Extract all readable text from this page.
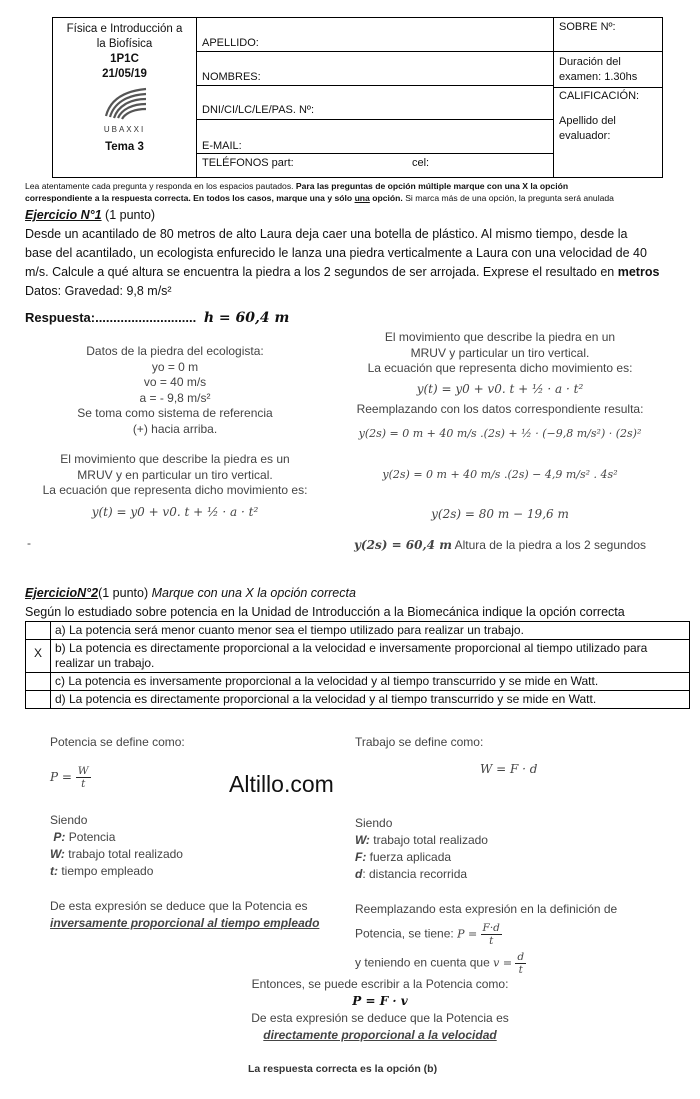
Física e Introducción a
la Biofísica
1P1C
21/05/19
UBAXXI
Tema 3
APELLIDO:
NOMBRES:
DNI/CI/LC/LE/PAS. Nº:
E-MAIL:
TELÉFONOS part:	cel:
SOBRE Nº:
Duración del
examen: 1.30hs
CALIFICACIÓN:
Apellido del
evaluador:
Lea atentamente cada pregunta y responda en los espacios pautados. Para las preguntas de opción múltiple marque con una X la opción
correspondiente a la respuesta correcta. En todos los casos, marque una y sólo una opción. Si marca más de una opción, la pregunta será anulada
Ejercicio N°1 (1 punto)
Desde un acantilado de 80 metros de alto Laura deja caer una botella de plástico. Al mismo tiempo, desde la
base del acantilado, un ecologista enfurecido le lanza una piedra verticalmente a Laura con una velocidad de 40
m/s. Calcule a qué altura se encuentra la piedra a los 2 segundos de ser arrojada. Exprese el resultado en metros
Datos: Gravedad: 9,8 m/s²
Respuesta:............................ h = 60,4 m
Datos de la piedra del ecologista:
yo = 0 m
vo = 40 m/s
a = - 9,8 m/s²
Se toma como sistema de referencia
(+) hacia arriba.
El movimiento que describe la piedra es un
MRUV y en particular un tiro vertical.
La ecuación que representa dicho movimiento es:
y(t) = y0 + v0. t + ½ · a · t²
-
El movimiento que describe la piedra en un
MRUV y particular un tiro vertical.
La ecuación que representa dicho movimiento es:
y(t) = y0 + v0. t + ½ · a · t²
Reemplazando con los datos correspondiente resulta:
y(2s) = 0 m + 40 m/s .(2s) + ½ · (−9,8 m/s²) · (2s)²
y(2s) = 0 m + 40 m/s .(2s) − 4,9 m/s² . 4s²
y(2s) = 80 m − 19,6 m
y(2s) = 60,4 m Altura de la piedra a los 2 segundos
EjercicioN°2(1 punto) Marque con una X la opción correcta
Según lo estudiado sobre potencia en la Unidad de Introducción a la Biomecánica indique la opción correcta
	a) La potencia será menor cuanto menor sea el tiempo utilizado para realizar un trabajo.
X	b) La potencia es directamente proporcional a la velocidad e inversamente proporcional al tiempo utilizado para realizar un trabajo.
	c) La potencia es inversamente proporcional a la velocidad y al tiempo transcurrido y se mide en Watt.
	d) La potencia es directamente proporcional a la velocidad y al tiempo transcurrido y se mide en Watt.
Potencia se define como:
$P = \frac{W}{t}$
Siendo
P: Potencia
W: trabajo total realizado
t: tiempo empleado
De esta expresión se deduce que la Potencia es
inversamente proporcional al tiempo empleado
Altillo.com
Trabajo se define como:
W = F · d
Siendo
W: trabajo total realizado
F: fuerza aplicada
d: distancia recorrida
Reemplazando esta expresión en la definición de
Potencia, se tiene: $P = \frac{F\cdot d}{t}$
y teniendo en cuenta que $v = \frac{d}{t}$
Entonces, se puede escribir a la Potencia como:
P = F · v
De esta expresión se deduce que la Potencia es
directamente proporcional a la velocidad
La respuesta correcta es la opción (b)
